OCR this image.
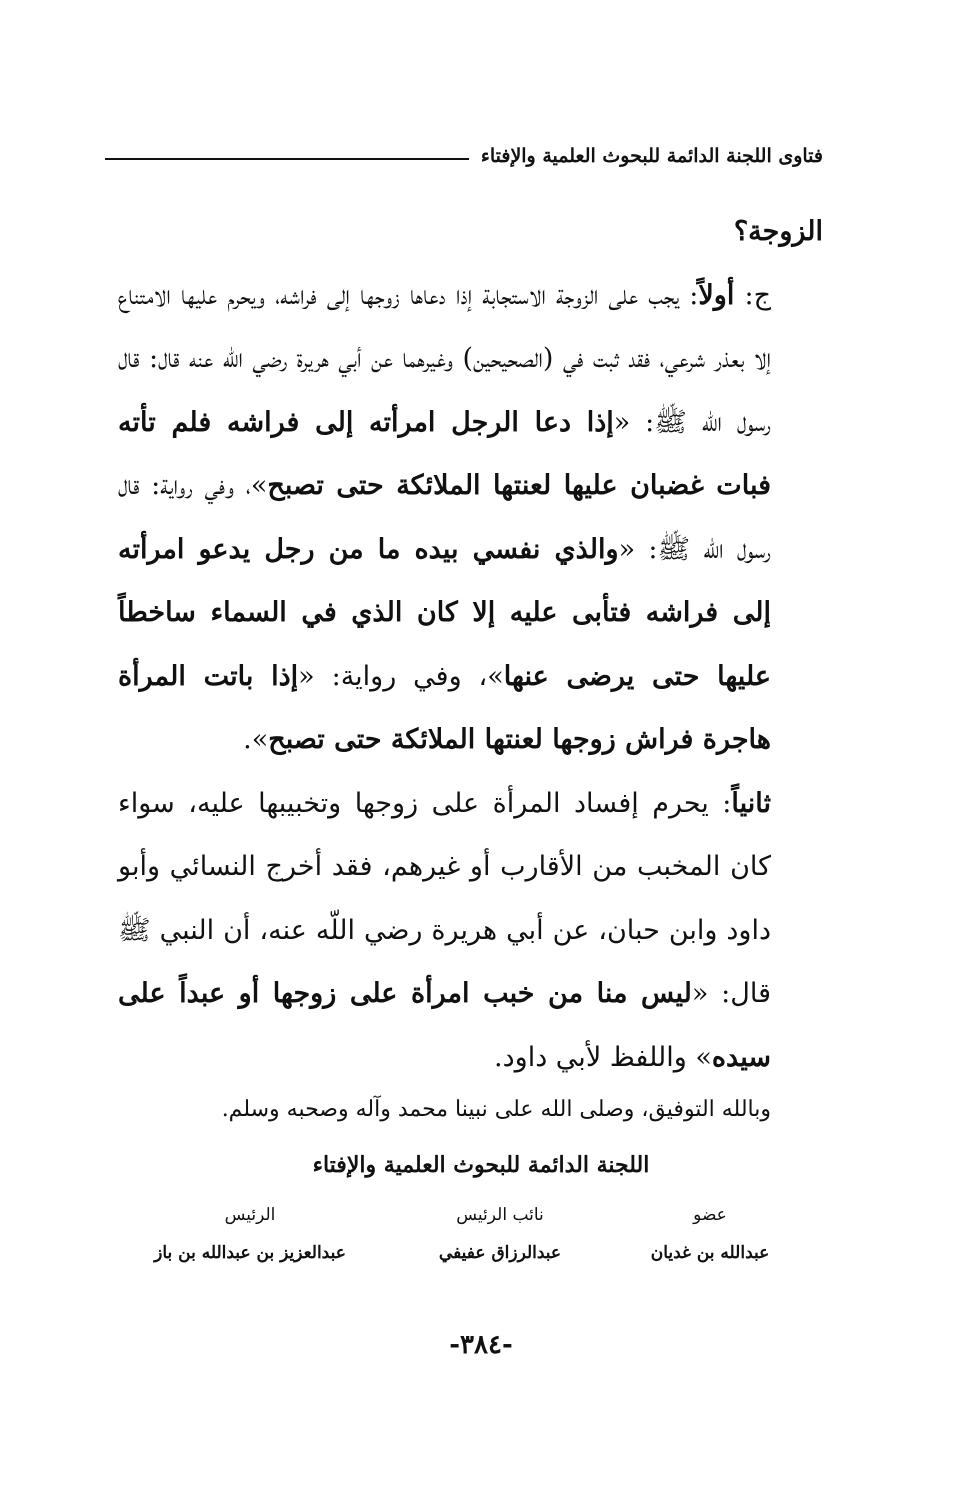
فتاوى اللجنة الدائمة للبحوث العلمية والإفتاء

الزوجة؟

ج: أولاً: يجب على الزوجة الاستجابة إذا دعاها زوجها إلى فراشه، ويحرم عليها الامتناع إلا بعذر شرعي، فقد ثبت في (الصحيحين) وغيرهما عن أبي هريرة رضي الله عنه قال: قال رسول الله ﷺ: «إذا دعا الرجل امرأته إلى فراشه فلم تأته فبات غضبان عليها لعنتها الملائكة حتى تصبح»، وفي رواية: قال رسول الله ﷺ: «والذي نفسي بيده ما من رجل يدعو امرأته إلى فراشه فتأبى عليه إلا كان الذي في السماء ساخطاً عليها حتى يرضى عنها»، وفي رواية: «إذا باتت المرأة هاجرة فراش زوجها لعنتها الملائكة حتى تصبح».

ثانياً: يحرم إفساد المرأة على زوجها وتخبيبها عليه، سواء كان المخبب من الأقارب أو غيرهم، فقد أخرج النسائي وأبو داود وابن حبان، عن أبي هريرة رضي اللّه عنه، أن النبي ﷺ قال: «ليس منا من خبب امرأة على زوجها أو عبداً على سيده» واللفظ لأبي داود.

وبالله التوفيق، وصلى الله على نبينا محمد وآله وصحبه وسلم.
اللجنة الدائمة للبحوث العلمية والإفتاء
عضو
نائب الرئيس
الرئيس
عبدالله بن غديان
عبدالرزاق عفيفي
عبدالعزيز بن عبدالله بن باز
-٣٨٤-
